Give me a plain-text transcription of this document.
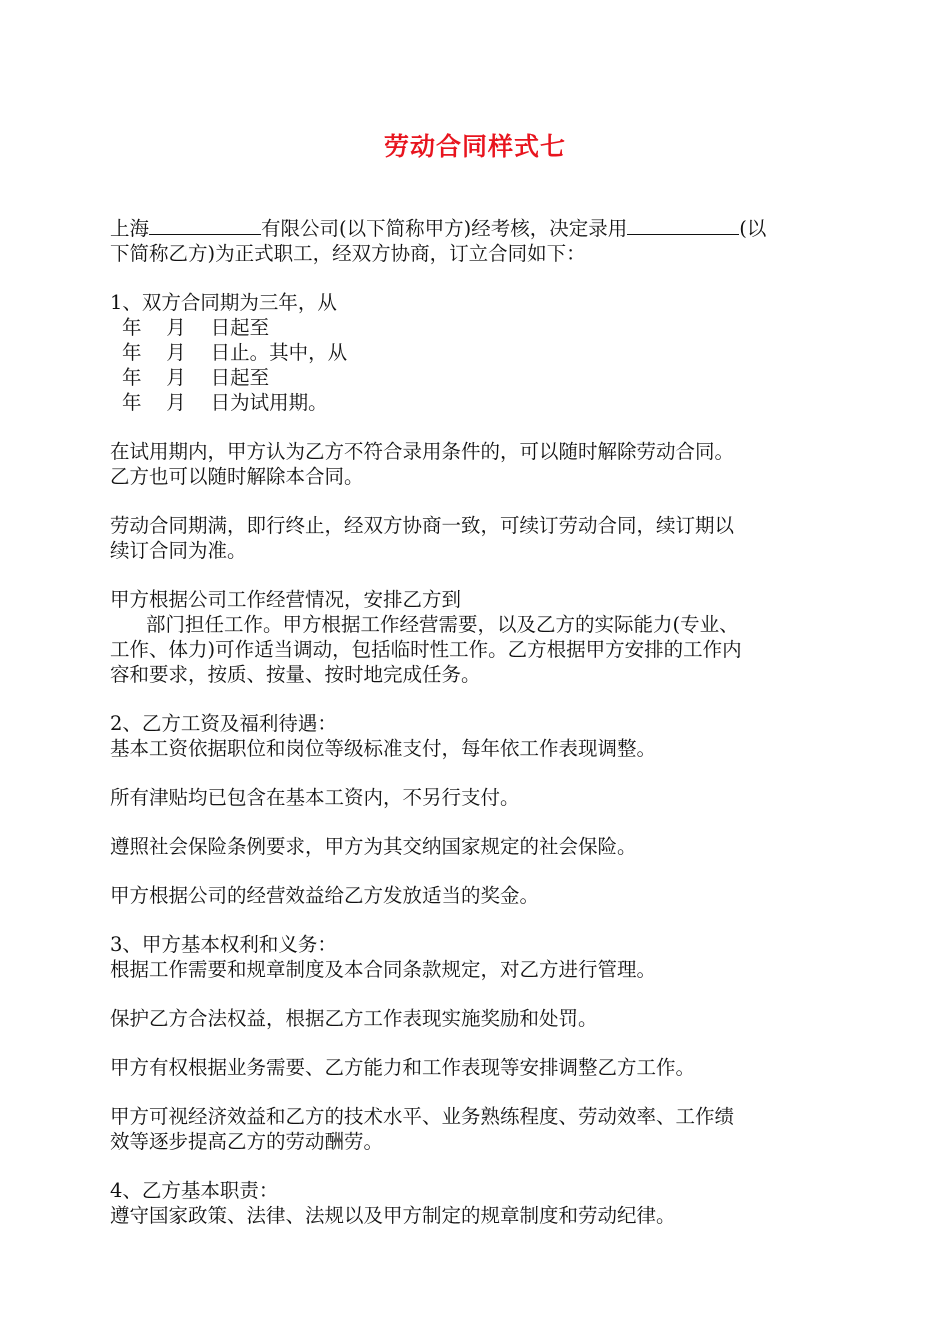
劳动合同样式七
上海	有限公司(以下简称甲方)经考核，决定录用	(以
下简称乙方)为正式职工，经双方协商，订立合同如下：
1、双方合同期为三年，从
年    月    日起至
年    月    日止。其中，从
年    月    日起至
年    月    日为试用期。
在试用期内，甲方认为乙方不符合录用条件的，可以随时解除劳动合同。
乙方也可以随时解除本合同。
劳动合同期满，即行终止，经双方协商一致，可续订劳动合同，续订期以
续订合同为准。
甲方根据公司工作经营情况，安排乙方到
部门担任工作。甲方根据工作经营需要，以及乙方的实际能力(专业、
工作、体力)可作适当调动，包括临时性工作。乙方根据甲方安排的工作内
容和要求，按质、按量、按时地完成任务。
2、乙方工资及福利待遇：
基本工资依据职位和岗位等级标准支付，每年依工作表现调整。
所有津贴均已包含在基本工资内，不另行支付。
遵照社会保险条例要求，甲方为其交纳国家规定的社会保险。
甲方根据公司的经营效益给乙方发放适当的奖金。
3、甲方基本权利和义务：
根据工作需要和规章制度及本合同条款规定，对乙方进行管理。
保护乙方合法权益，根据乙方工作表现实施奖励和处罚。
甲方有权根据业务需要、乙方能力和工作表现等安排调整乙方工作。
甲方可视经济效益和乙方的技术水平、业务熟练程度、劳动效率、工作绩
效等逐步提高乙方的劳动酬劳。
4、乙方基本职责：
遵守国家政策、法律、法规以及甲方制定的规章制度和劳动纪律。
